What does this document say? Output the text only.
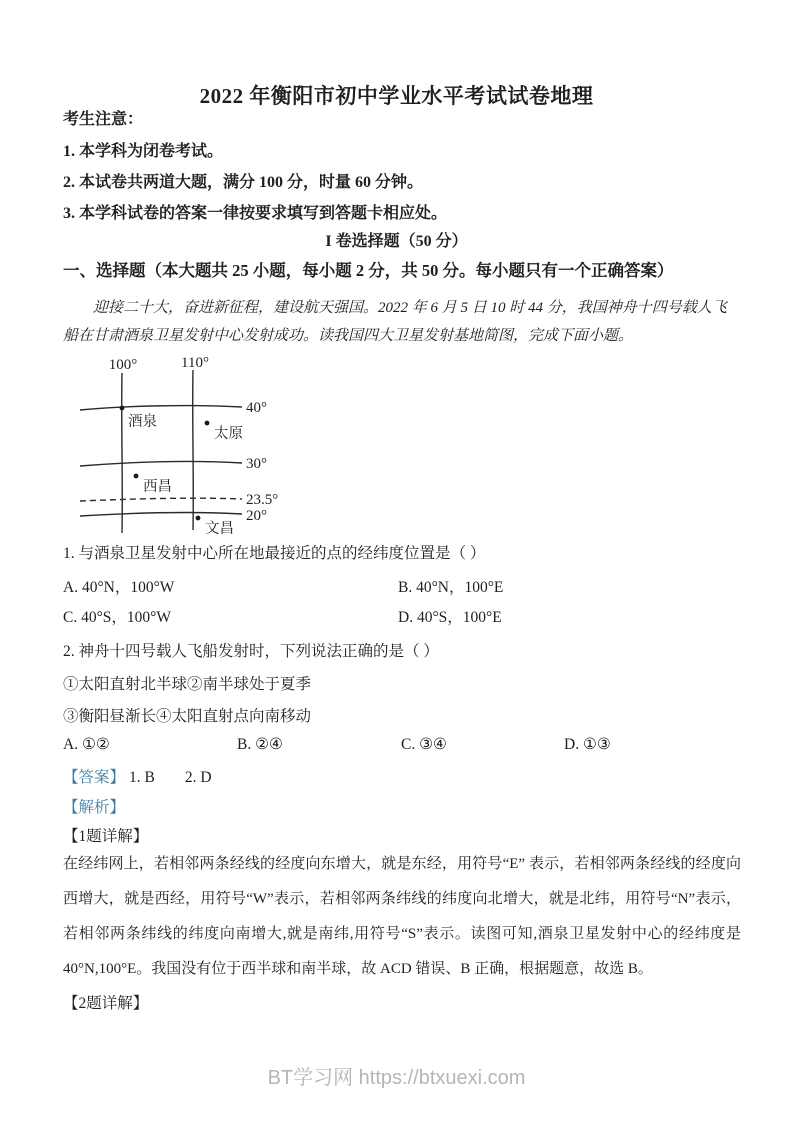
2022 年衡阳市初中学业水平考试试卷地理
考生注意：
1. 本学科为闭卷考试。
2. 本试卷共两道大题，满分 100 分，时量 60 分钟。
3. 本学科试卷的答案一律按要求填写到答题卡相应处。
I 卷选择题（50 分）
一、选择题（本大题共 25 小题，每小题 2 分，共 50 分。每小题只有一个正确答案）

迎接二十大，奋进新征程，建设航天强国。2022 年 6 月 5 日 10 时 44 分，我国神舟十四号载人飞船在甘肃酒泉卫星发射中心发射成功。读我国四大卫星发射基地简图，完成下面小题。

100°	110°
40°
30°
23.5°
20°
酒泉
太原
西昌
文昌
1. 与酒泉卫星发射中心所在地最接近的点的经纬度位置是（ ）
A. 40°N，100°W	B. 40°N，100°E
C. 40°S，100°W	D. 40°S，100°E
2. 神舟十四号载人飞船发射时，下列说法正确的是（ ）
①太阳直射北半球②南半球处于夏季
③衡阳昼渐长④太阳直射点向南移动
A. ①②	B. ②④	C. ③④	D. ①③
【答案】 1. B 2. D
【解析】
【1题详解】

在经纬网上，若相邻两条经线的经度向东增大，就是东经，用符号“E” 表示，若相邻两条经线的经度向西增大，就是西经，用符号“W”表示，若相邻两条纬线的纬度向北增大，就是北纬，用符号“N”表示，若相邻两条纬线的纬度向南增大,就是南纬,用符号“S”表示。读图可知,酒泉卫星发射中心的经纬度是 40°N,100°E。我国没有位于西半球和南半球，故 ACD 错误、B 正确，根据题意，故选 B。

【2题详解】
BT学习网 https://btxuexi.com
